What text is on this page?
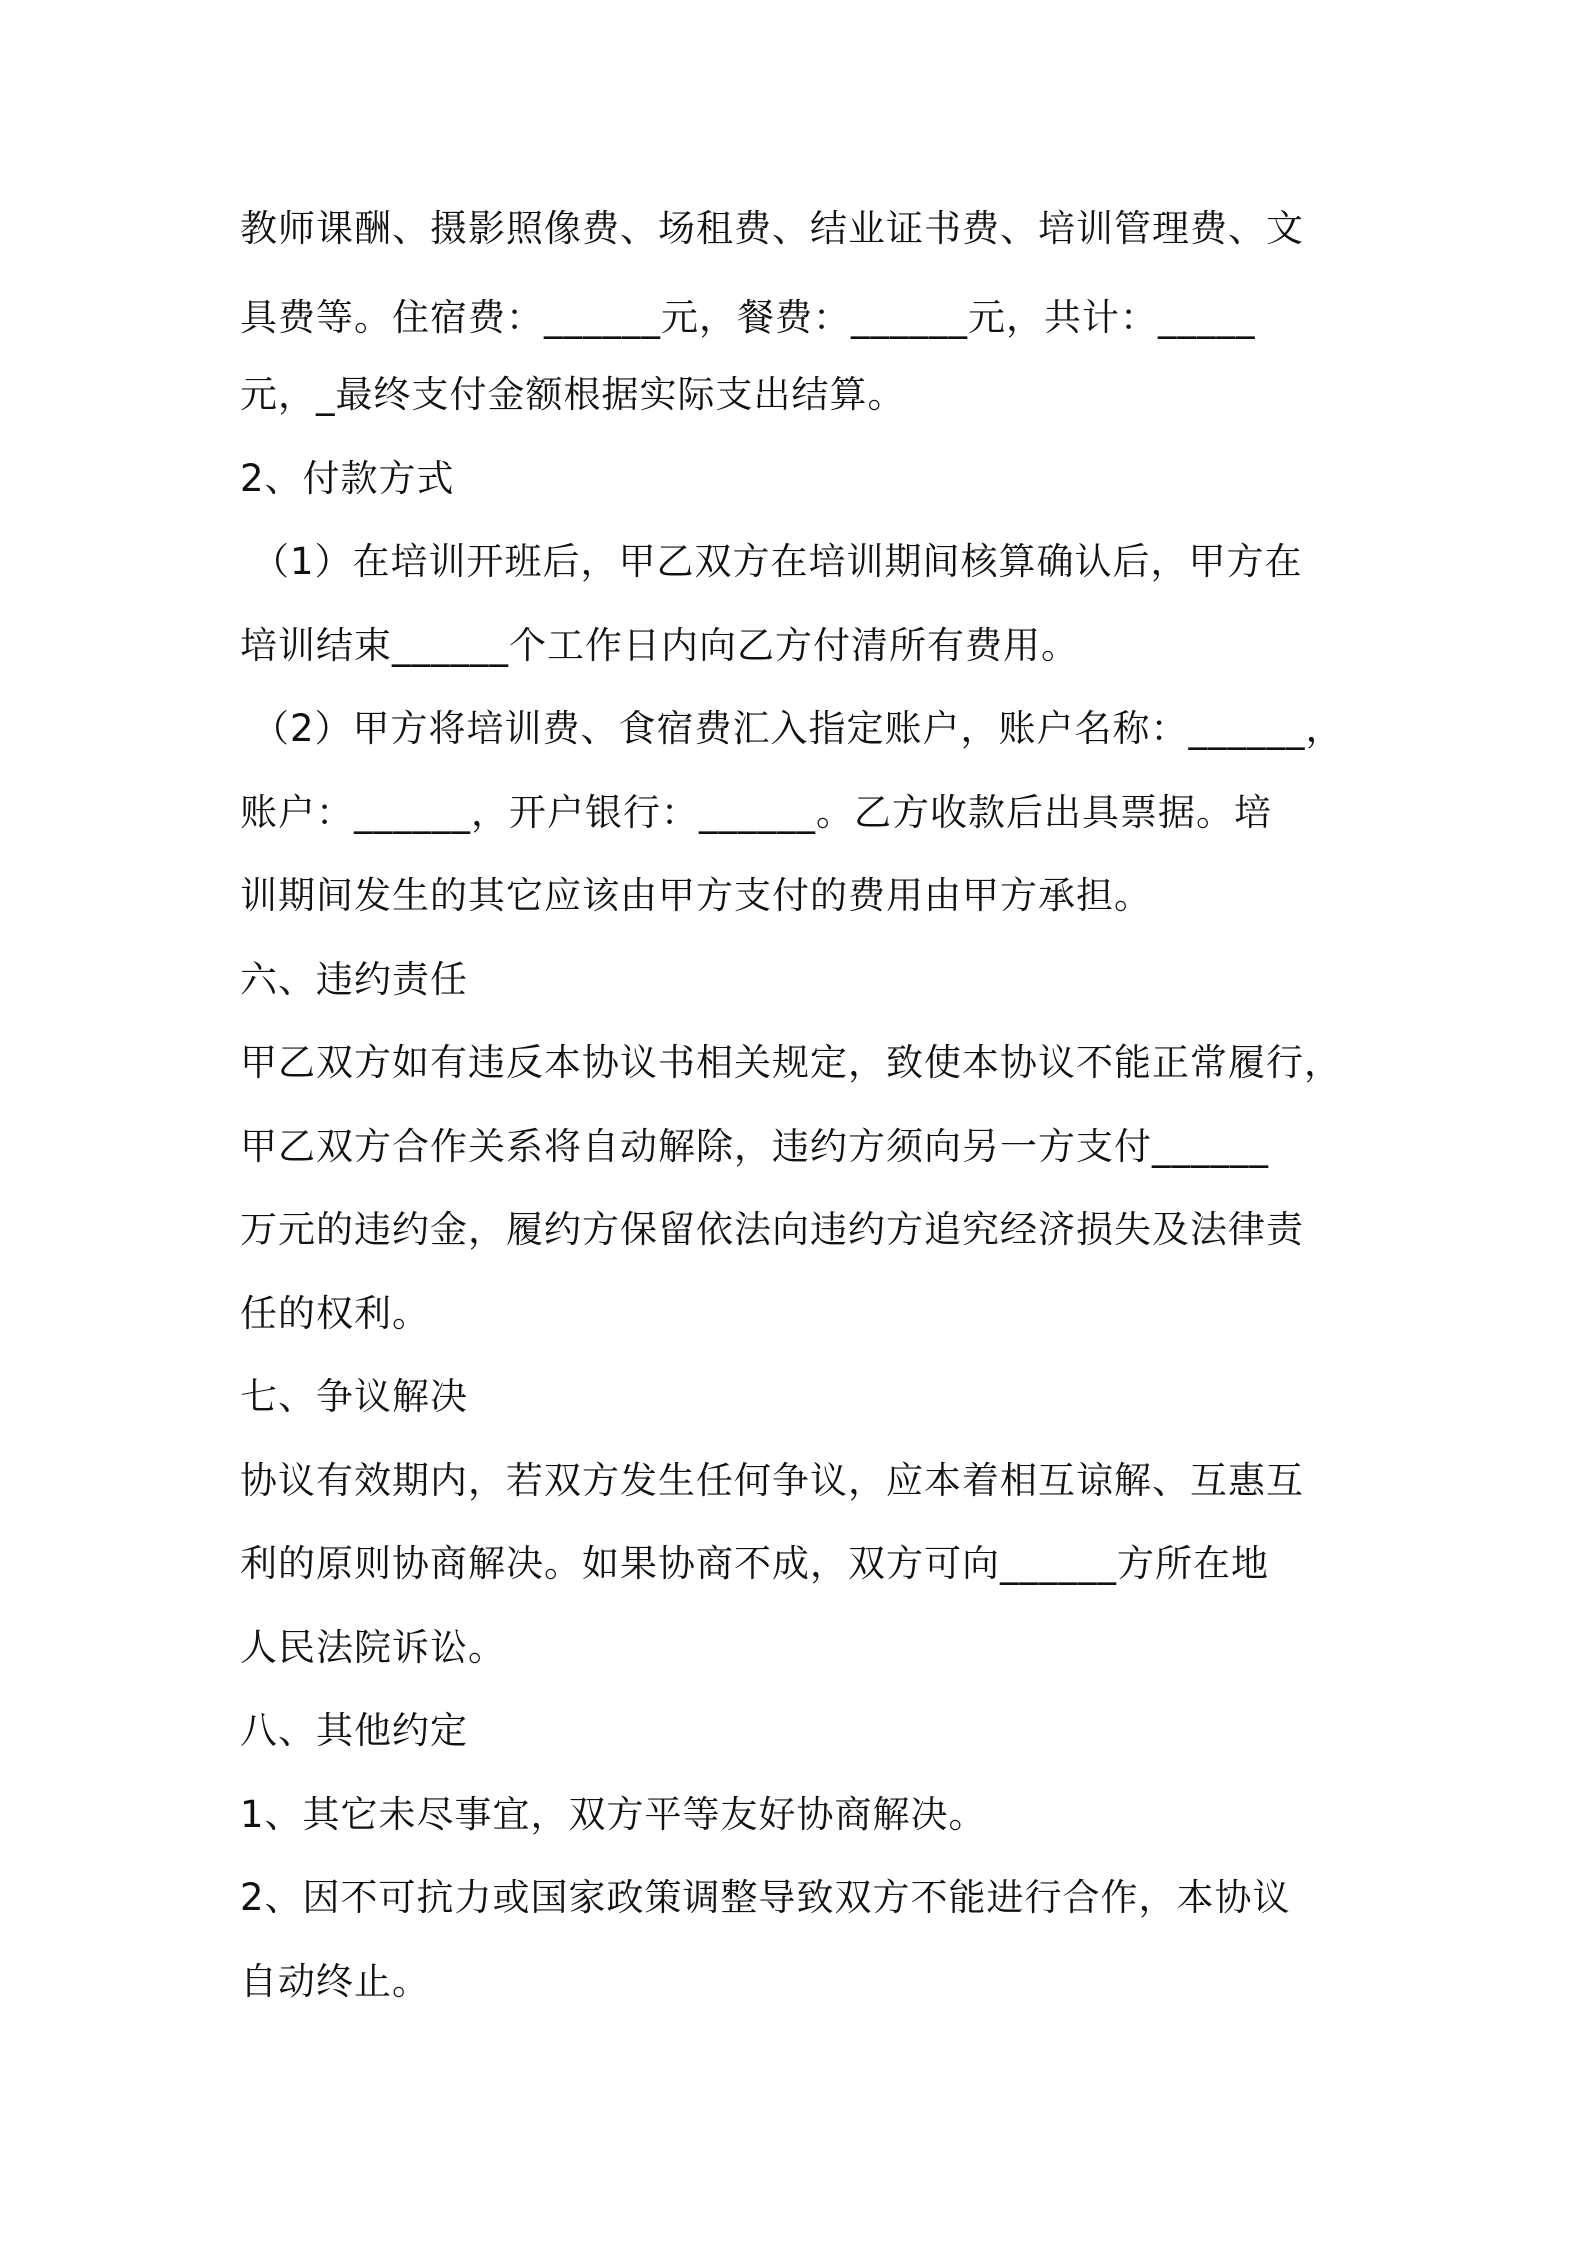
教师课酬、摄影照像费、场租费、结业证书费、培训管理费、文
具费等。住宿费：______元，餐费：______元，共计：_____
元，_最终支付金额根据实际支出结算。
2、付款方式
（1）在培训开班后，甲乙双方在培训期间核算确认后，甲方在
培训结束______个工作日内向乙方付清所有费用。
（2）甲方将培训费、食宿费汇入指定账户，账户名称：______，
账户：______，开户银行：______。乙方收款后出具票据。培
训期间发生的其它应该由甲方支付的费用由甲方承担。
六、违约责任
甲乙双方如有违反本协议书相关规定，致使本协议不能正常履行，
甲乙双方合作关系将自动解除，违约方须向另一方支付______
万元的违约金，履约方保留依法向违约方追究经济损失及法律责
任的权利。
七、争议解决
协议有效期内，若双方发生任何争议，应本着相互谅解、互惠互
利的原则协商解决。如果协商不成，双方可向______方所在地
人民法院诉讼。
八、其他约定
1、其它未尽事宜，双方平等友好协商解决。
2、因不可抗力或国家政策调整导致双方不能进行合作，本协议
自动终止。
